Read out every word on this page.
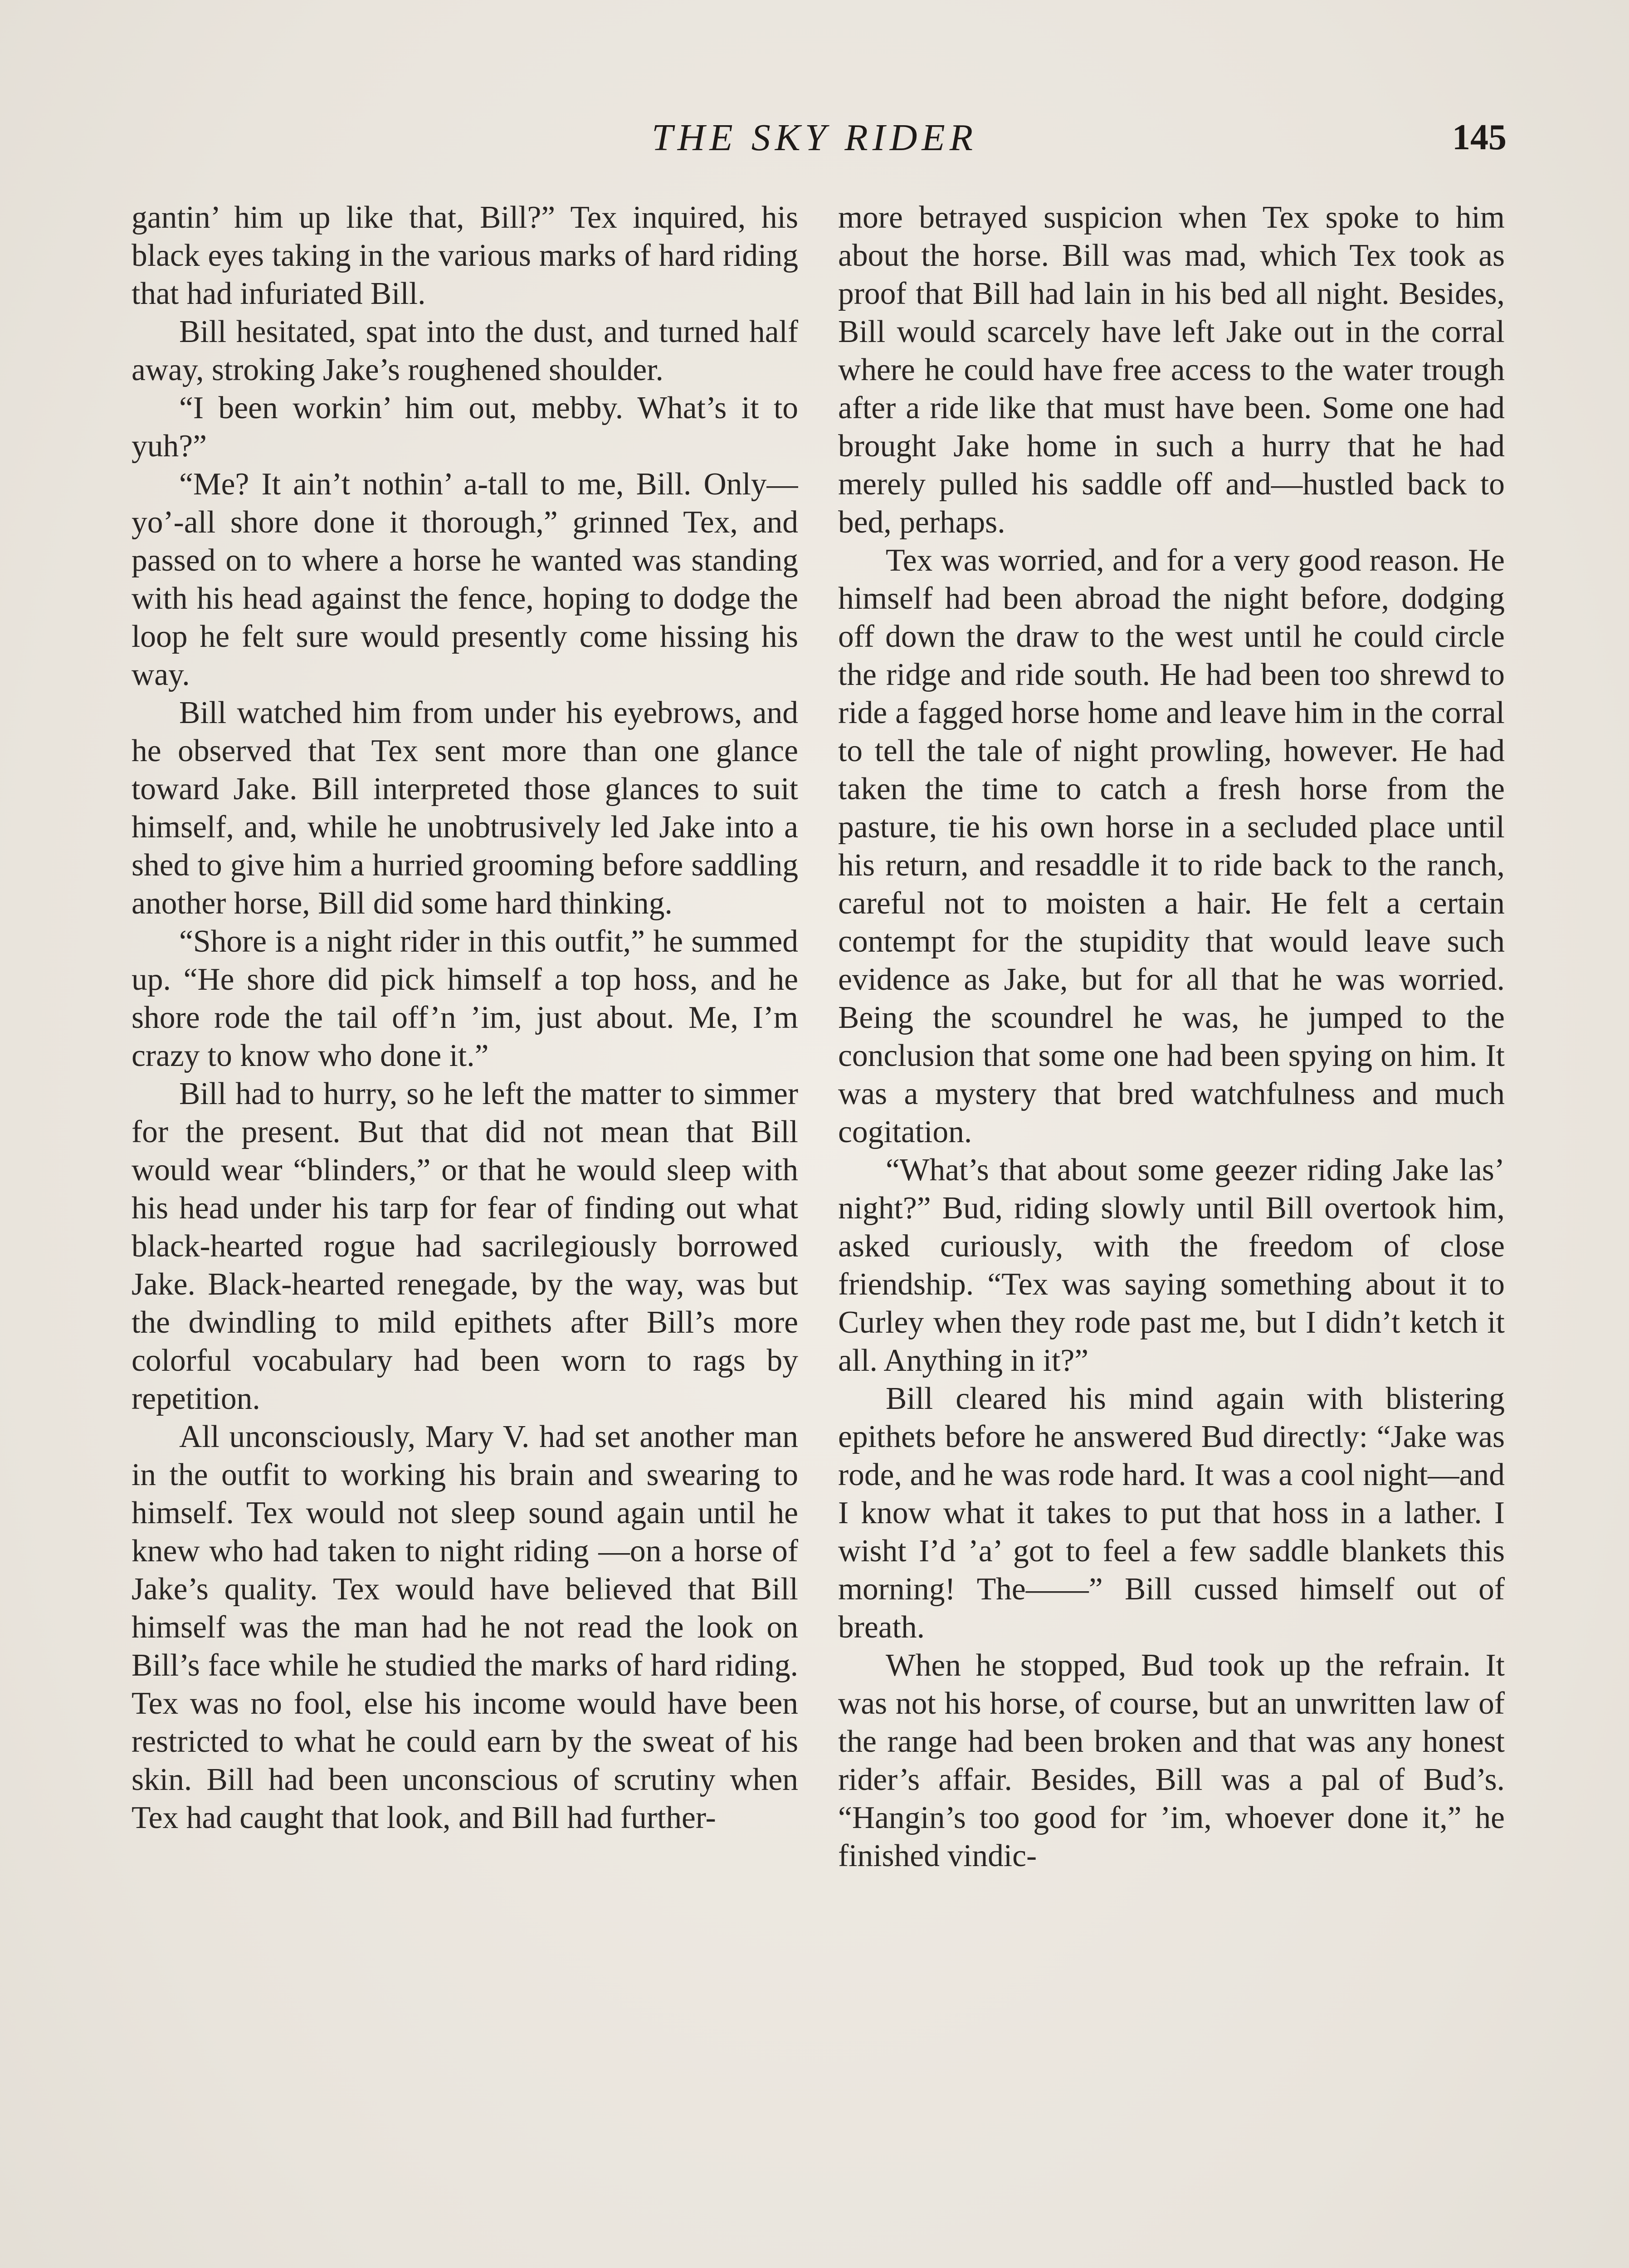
THE SKY RIDER	145

gantin’ him up like that, Bill?” Tex inquired, his black eyes taking in the various marks of hard riding that had infuriated Bill.

Bill hesitated, spat into the dust, and turned half away, stroking Jake’s roughened shoulder.

“I been workin’ him out, mebby. What’s it to yuh?”

“Me? It ain’t nothin’ a-tall to me, Bill. Only—yo’-all shore done it thorough,” grinned Tex, and passed on to where a horse he wanted was standing with his head against the fence, hoping to dodge the loop he felt sure would presently come hissing his way.

Bill watched him from under his eyebrows, and he observed that Tex sent more than one glance toward Jake. Bill interpreted those glances to suit himself, and, while he unobtrusively led Jake into a shed to give him a hurried grooming before saddling another horse, Bill did some hard thinking.

“Shore is a night rider in this outfit,” he summed up. “He shore did pick himself a top hoss, and he shore rode the tail off’n ’im, just about. Me, I’m crazy to know who done it.”

Bill had to hurry, so he left the matter to simmer for the present. But that did not mean that Bill would wear “blinders,” or that he would sleep with his head under his tarp for fear of finding out what black-hearted rogue had sacrilegiously borrowed Jake. Black-hearted renegade, by the way, was but the dwindling to mild epithets after Bill’s more colorful vocabulary had been worn to rags by repetition.

All unconsciously, Mary V. had set another man in the outfit to working his brain and swearing to himself. Tex would not sleep sound again until he knew who had taken to night riding —on a horse of Jake’s quality. Tex would have believed that Bill himself was the man had he not read the look on Bill’s face while he studied the marks of hard riding. Tex was no fool, else his income would have been restricted to what he could earn by the sweat of his skin. Bill had been unconscious of scrutiny when Tex had caught that look, and Bill had further-

more betrayed suspicion when Tex spoke to him about the horse. Bill was mad, which Tex took as proof that Bill had lain in his bed all night. Besides, Bill would scarcely have left Jake out in the corral where he could have free access to the water trough after a ride like that must have been. Some one had brought Jake home in such a hurry that he had merely pulled his saddle off and—hustled back to bed, perhaps.

Tex was worried, and for a very good reason. He himself had been abroad the night before, dodging off down the draw to the west until he could circle the ridge and ride south. He had been too shrewd to ride a fagged horse home and leave him in the corral to tell the tale of night prowling, however. He had taken the time to catch a fresh horse from the pasture, tie his own horse in a secluded place until his return, and resaddle it to ride back to the ranch, careful not to moisten a hair. He felt a certain contempt for the stupidity that would leave such evidence as Jake, but for all that he was worried. Being the scoundrel he was, he jumped to the conclusion that some one had been spying on him. It was a mystery that bred watchfulness and much cogitation.

“What’s that about some geezer riding Jake las’ night?” Bud, riding slowly until Bill overtook him, asked curiously, with the freedom of close friendship. “Tex was saying something about it to Curley when they rode past me, but I didn’t ketch it all. Anything in it?”

Bill cleared his mind again with blistering epithets before he answered Bud directly: “Jake was rode, and he was rode hard. It was a cool night—and I know what it takes to put that hoss in a lather. I wisht I’d ’a’ got to feel a few saddle blankets this morning! The——” Bill cussed himself out of breath.

When he stopped, Bud took up the refrain. It was not his horse, of course, but an unwritten law of the range had been broken and that was any honest rider’s affair. Besides, Bill was a pal of Bud’s. “Hangin’s too good for ’im, whoever done it,” he finished vindic-
